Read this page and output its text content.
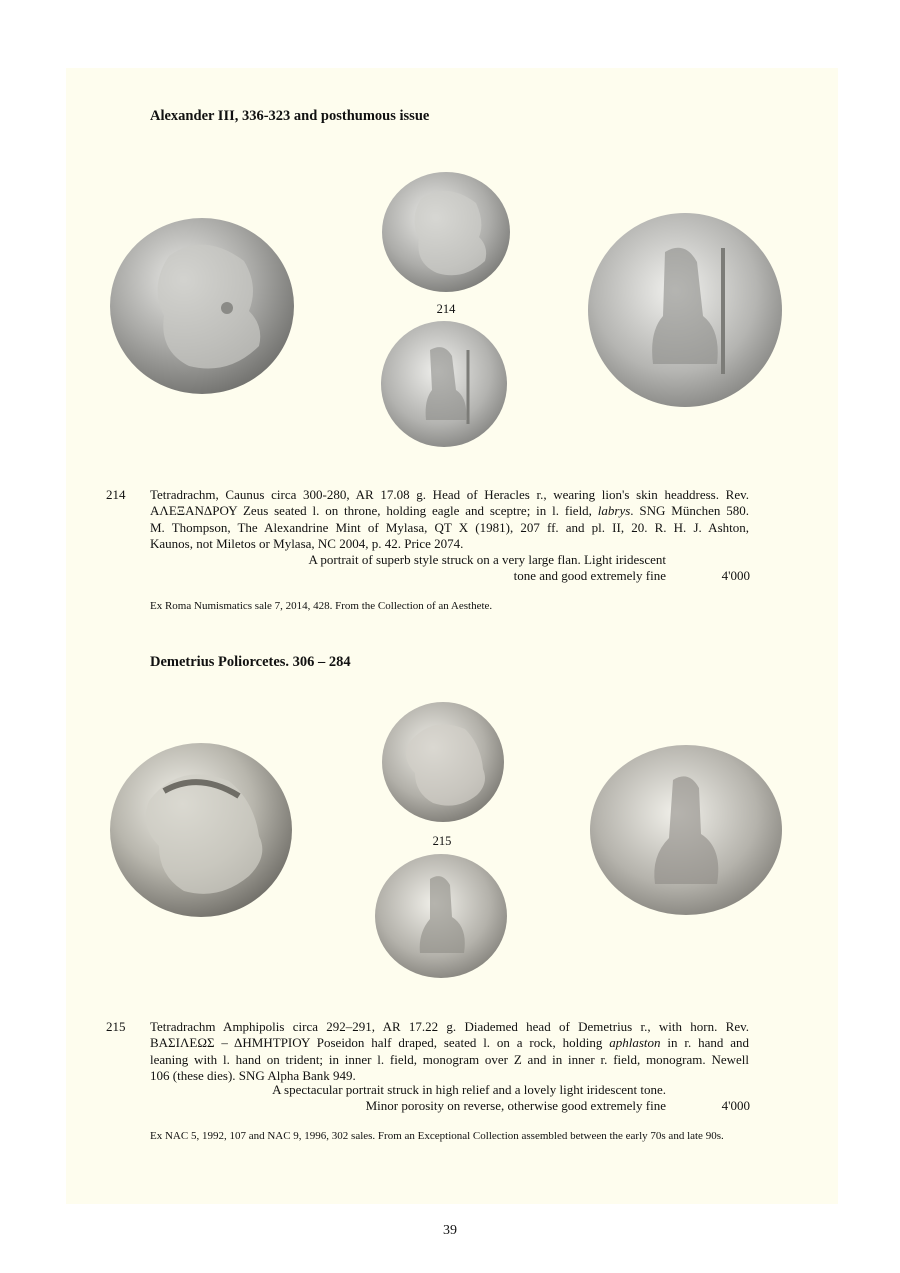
Alexander III, 336-323 and posthumous issue
214
214 Tetradrachm, Caunus circa 300-280, AR 17.08 g. Head of Heracles r., wearing lion's skin headdress. Rev.
ΑΛΕΞΑΝΔΡΟΥ Zeus seated l. on throne, holding eagle and sceptre; in l. field, labrys. SNG München 580.
M. Thompson, The Alexandrine Mint of Mylasa, QT X (1981), 207 ff. and pl. II, 20. R. H. J. Ashton,
Kaunos, not Miletos or Mylasa, NC 2004, p. 42. Price 2074.
A portrait of superb style struck on a very large flan. Light iridescent
tone and good extremely fine	4'000
Ex Roma Numismatics sale 7, 2014, 428. From the Collection of an Aesthete.
Demetrius Poliorcetes. 306 – 284
215
215 Tetradrachm Amphipolis circa 292–291, AR 17.22 g. Diademed head of Demetrius r., with horn. Rev.
ΒΑΣΙΛΕΩΣ – ΔΗΜΗΤΡΙΟΥ Poseidon half draped, seated l. on a rock, holding aphlaston in r. hand and
leaning with l. hand on trident; in inner l. field, monogram over Z and in inner r. field, monogram. Newell
106 (these dies). SNG Alpha Bank 949.
A spectacular portrait struck in high relief and a lovely light iridescent tone.
Minor porosity on reverse, otherwise good extremely fine	4'000
Ex NAC 5, 1992, 107 and NAC 9, 1996, 302 sales. From an Exceptional Collection assembled between the early 70s and late 90s.
39
